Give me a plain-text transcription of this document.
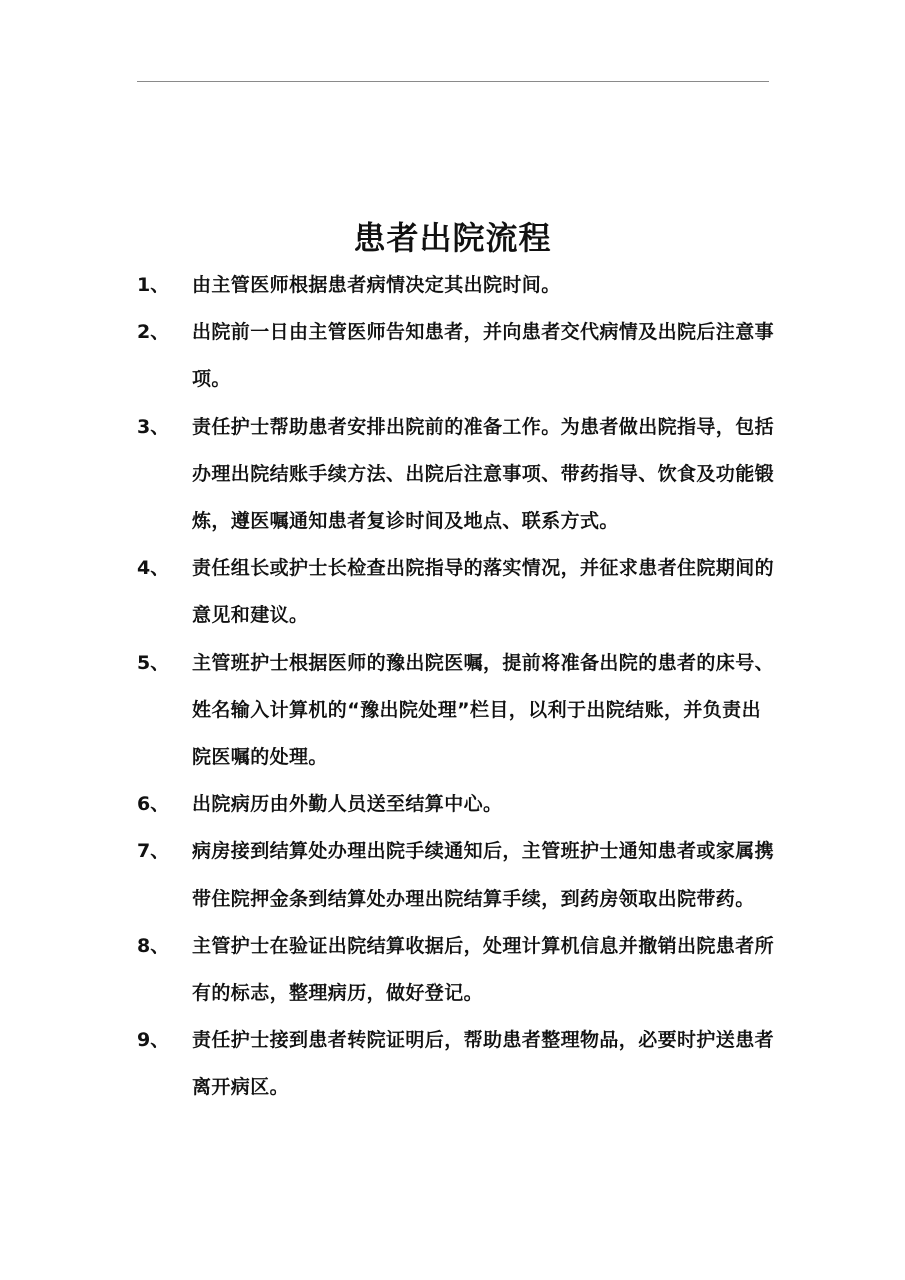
患者出院流程
1、	由主管医师根据患者病情决定其出院时间。
2、	出院前一日由主管医师告知患者，并向患者交代病情及出院后注意事项。
3、	责任护士帮助患者安排出院前的准备工作。为患者做出院指导，包括办理出院结账手续方法、出院后注意事项、带药指导、饮食及功能锻炼，遵医嘱通知患者复诊时间及地点、联系方式。
4、	责任组长或护士长检查出院指导的落实情况，并征求患者住院期间的意见和建议。
5、	主管班护士根据医师的豫出院医嘱，提前将准备出院的患者的床号、姓名输入计算机的“豫出院处理”栏目，以利于出院结账，并负责出院医嘱的处理。
6、	出院病历由外勤人员送至结算中心。
7、	病房接到结算处办理出院手续通知后，主管班护士通知患者或家属携带住院押金条到结算处办理出院结算手续，到药房领取出院带药。
8、	主管护士在验证出院结算收据后，处理计算机信息并撤销出院患者所有的标志，整理病历，做好登记。
9、	责任护士接到患者转院证明后，帮助患者整理物品，必要时护送患者离开病区。
